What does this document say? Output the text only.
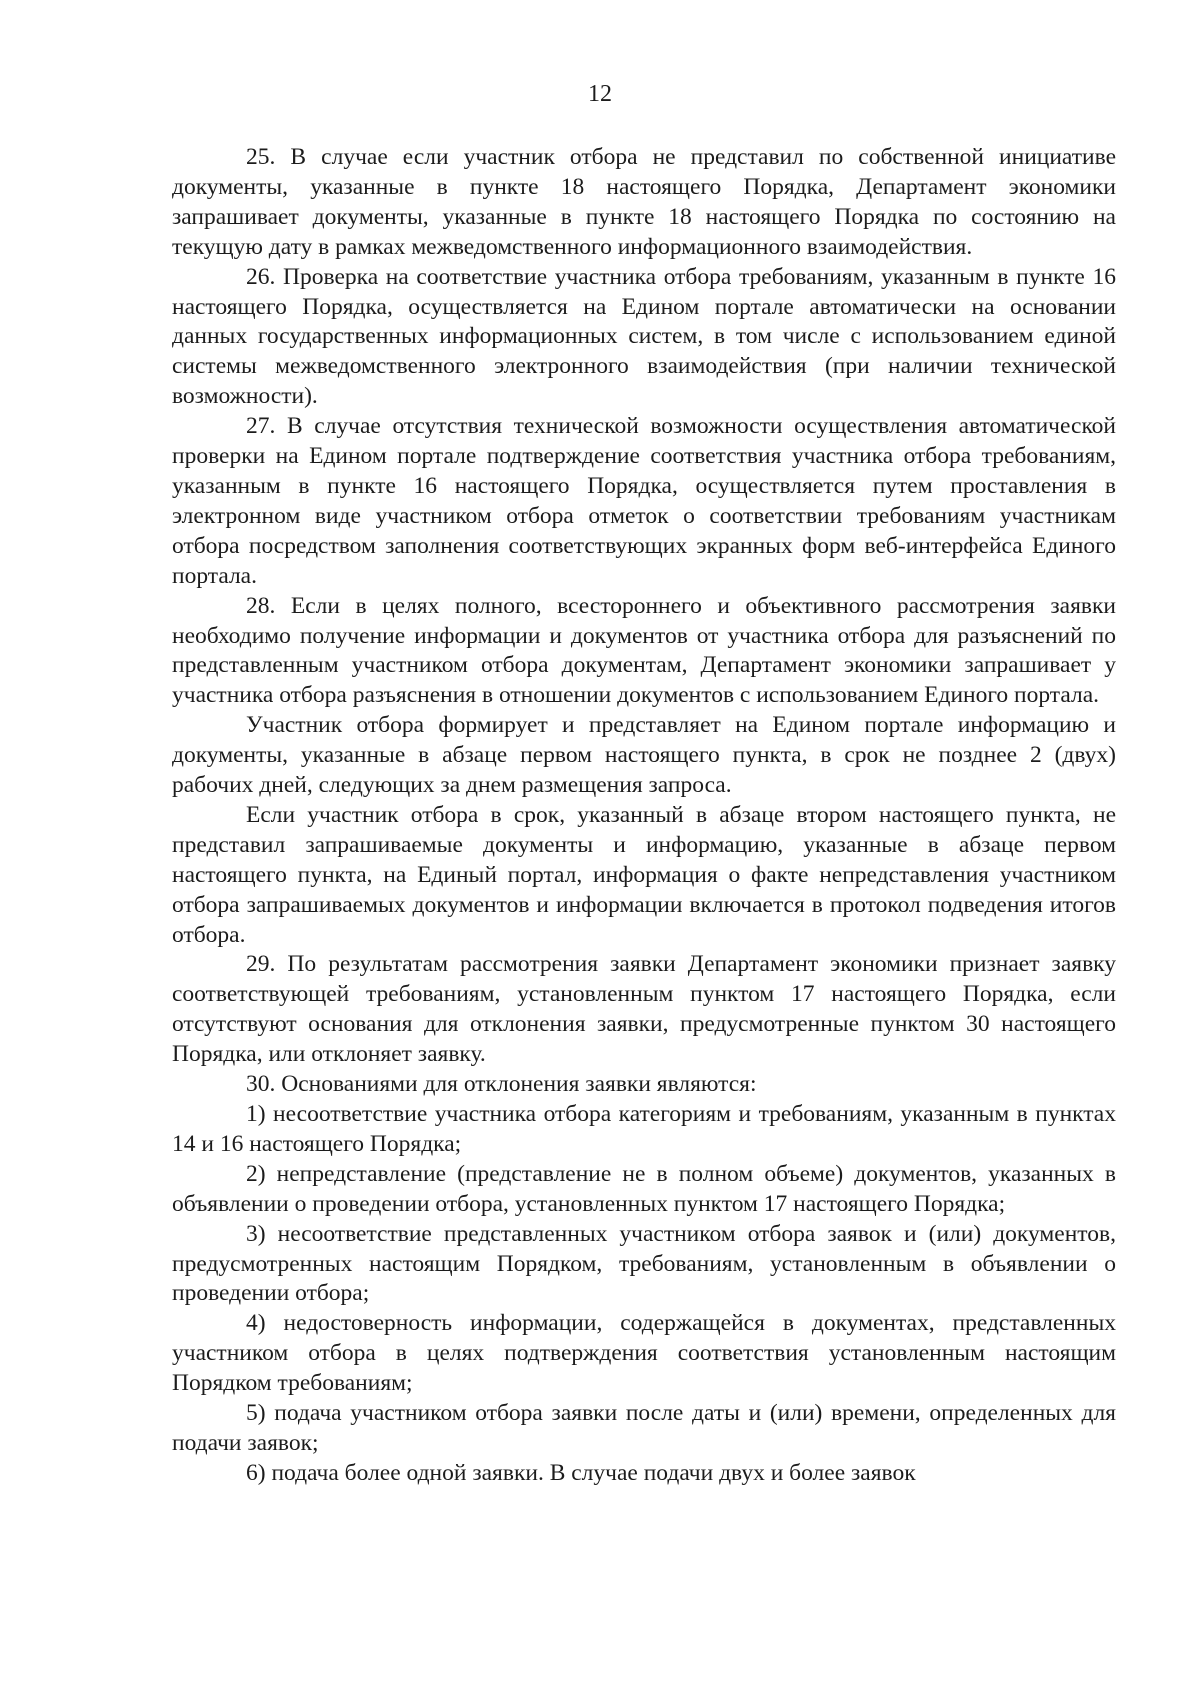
12

25. В случае если участник отбора не представил по собственной инициативе документы, указанные в пункте 18 настоящего Порядка, Департамент экономики запрашивает документы, указанные в пункте 18 настоящего Порядка по состоянию на текущую дату в рамках межведомственного информационного взаимодействия.

26. Проверка на соответствие участника отбора требованиям, указанным в пункте 16 настоящего Порядка, осуществляется на Едином портале автоматически на основании данных государственных информационных систем, в том числе с использованием единой системы межведомственного электронного взаимодействия (при наличии технической возможности).

27. В случае отсутствия технической возможности осуществления автоматической проверки на Едином портале подтверждение соответствия участника отбора требованиям, указанным в пункте 16 настоящего Порядка, осуществляется путем проставления в электронном виде участником отбора отметок о соответствии требованиям участникам отбора посредством заполнения соответствующих экранных форм веб-интерфейса Единого портала.

28. Если в целях полного, всестороннего и объективного рассмотрения заявки необходимо получение информации и документов от участника отбора для разъяснений по представленным участником отбора документам, Департамент экономики запрашивает у участника отбора разъяснения в отношении документов с использованием Единого портала.

Участник отбора формирует и представляет на Едином портале информацию и документы, указанные в абзаце первом настоящего пункта, в срок не позднее 2 (двух) рабочих дней, следующих за днем размещения запроса.

Если участник отбора в срок, указанный в абзаце втором настоящего пункта, не представил запрашиваемые документы и информацию, указанные в абзаце первом настоящего пункта, на Единый портал, информация о факте непредставления участником отбора запрашиваемых документов и информации включается в протокол подведения итогов отбора.

29. По результатам рассмотрения заявки Департамент экономики признает заявку соответствующей требованиям, установленным пунктом 17 настоящего Порядка, если отсутствуют основания для отклонения заявки, предусмотренные пунктом 30 настоящего Порядка, или отклоняет заявку.

30. Основаниями для отклонения заявки являются:

1) несоответствие участника отбора категориям и требованиям, указанным в пунктах 14 и 16 настоящего Порядка;

2) непредставление (представление не в полном объеме) документов, указанных в объявлении о проведении отбора, установленных пунктом 17 настоящего Порядка;

3) несоответствие представленных участником отбора заявок и (или) документов, предусмотренных настоящим Порядком, требованиям, установленным в объявлении о проведении отбора;

4) недостоверность информации, содержащейся в документах, представленных участником отбора в целях подтверждения соответствия установленным настоящим Порядком требованиям;

5) подача участником отбора заявки после даты и (или) времени, определенных для подачи заявок;

6) подача более одной заявки. В случае подачи двух и более заявок
